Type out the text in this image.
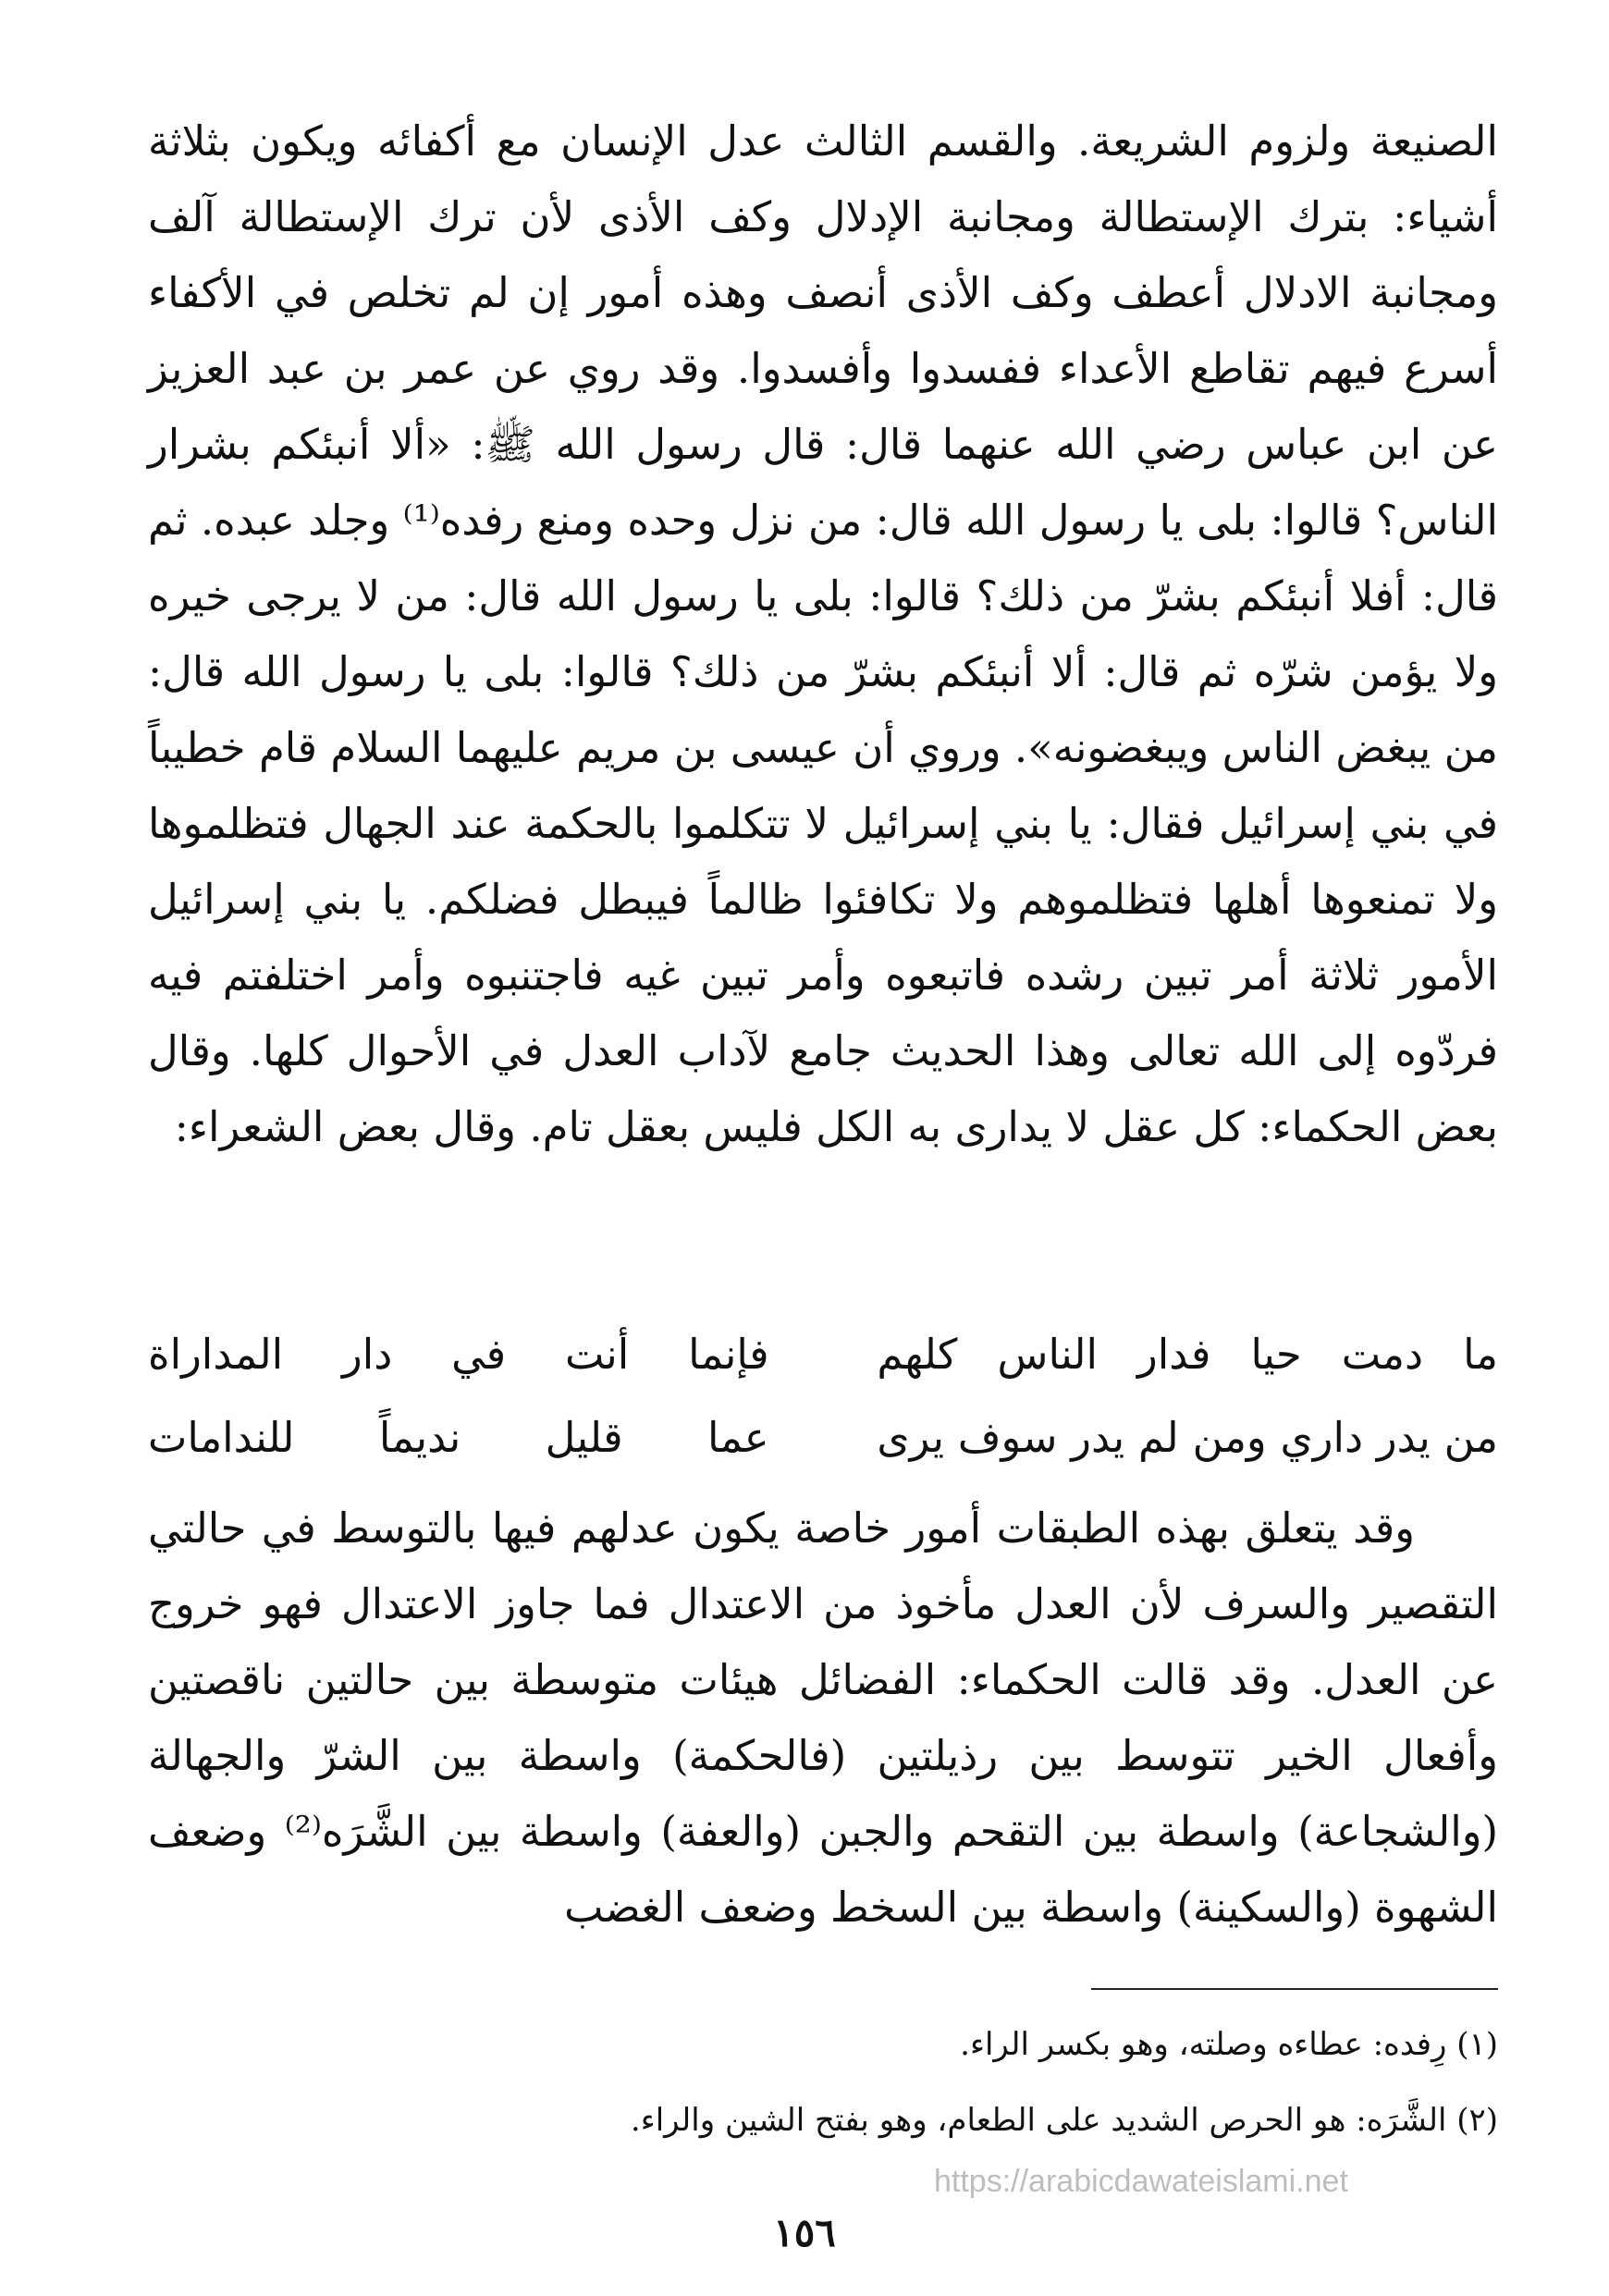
الصنيعة ولزوم الشريعة. والقسم الثالث عدل الإنسان مع أكفائه ويكون بثلاثة أشياء: بترك الإستطالة ومجانبة الإدلال وكف الأذى لأن ترك الإستطالة آلف ومجانبة الادلال أعطف وكف الأذى أنصف وهذه أمور إن لم تخلص في الأكفاء أسرع فيهم تقاطع الأعداء ففسدوا وأفسدوا. وقد روي عن عمر بن عبد العزيز عن ابن عباس رضي الله عنهما قال: قال رسول الله ﷺ: «ألا أنبئكم بشرار الناس؟ قالوا: بلى يا رسول الله قال: من نزل وحده ومنع رفده⁽¹⁾ وجلد عبده. ثم قال: أفلا أنبئكم بشرّ من ذلك؟ قالوا: بلى يا رسول الله قال: من لا يرجى خيره ولا يؤمن شرّه ثم قال: ألا أنبئكم بشرّ من ذلك؟ قالوا: بلى يا رسول الله قال: من يبغض الناس ويبغضونه». وروي أن عيسى بن مريم عليهما السلام قام خطيباً في بني إسرائيل فقال: يا بني إسرائيل لا تتكلموا بالحكمة عند الجهال فتظلموها ولا تمنعوها أهلها فتظلموهم ولا تكافئوا ظالماً فيبطل فضلكم. يا بني إسرائيل الأمور ثلاثة أمر تبين رشده فاتبعوه وأمر تبين غيه فاجتنبوه وأمر اختلفتم فيه فردّوه إلى الله تعالى وهذا الحديث جامع لآداب العدل في الأحوال كلها. وقال بعض الحكماء: كل عقل لا يدارى به الكل فليس بعقل تام. وقال بعض الشعراء:

ما دمت حيا فدار الناس كلهم
فإنما أنت في دار المداراة
من يدر داري ومن لم يدر سوف يرى
عما قليل نديماً للندامات

وقد يتعلق بهذه الطبقات أمور خاصة يكون عدلهم فيها بالتوسط في حالتي التقصير والسرف لأن العدل مأخوذ من الاعتدال فما جاوز الاعتدال فهو خروج عن العدل. وقد قالت الحكماء: الفضائل هيئات متوسطة بين حالتين ناقصتين وأفعال الخير تتوسط بين رذيلتين (فالحكمة) واسطة بين الشرّ والجهالة (والشجاعة) واسطة بين التقحم والجبن (والعفة) واسطة بين الشَّرَه⁽²⁾ وضعف الشهوة (والسكينة) واسطة بين السخط وضعف الغضب

(١) رِفده: عطاءه وصلته، وهو بكسر الراء.

(٢) الشَّرَه: هو الحرص الشديد على الطعام، وهو بفتح الشين والراء.

https://arabicdawateislami.net
١٥٦
